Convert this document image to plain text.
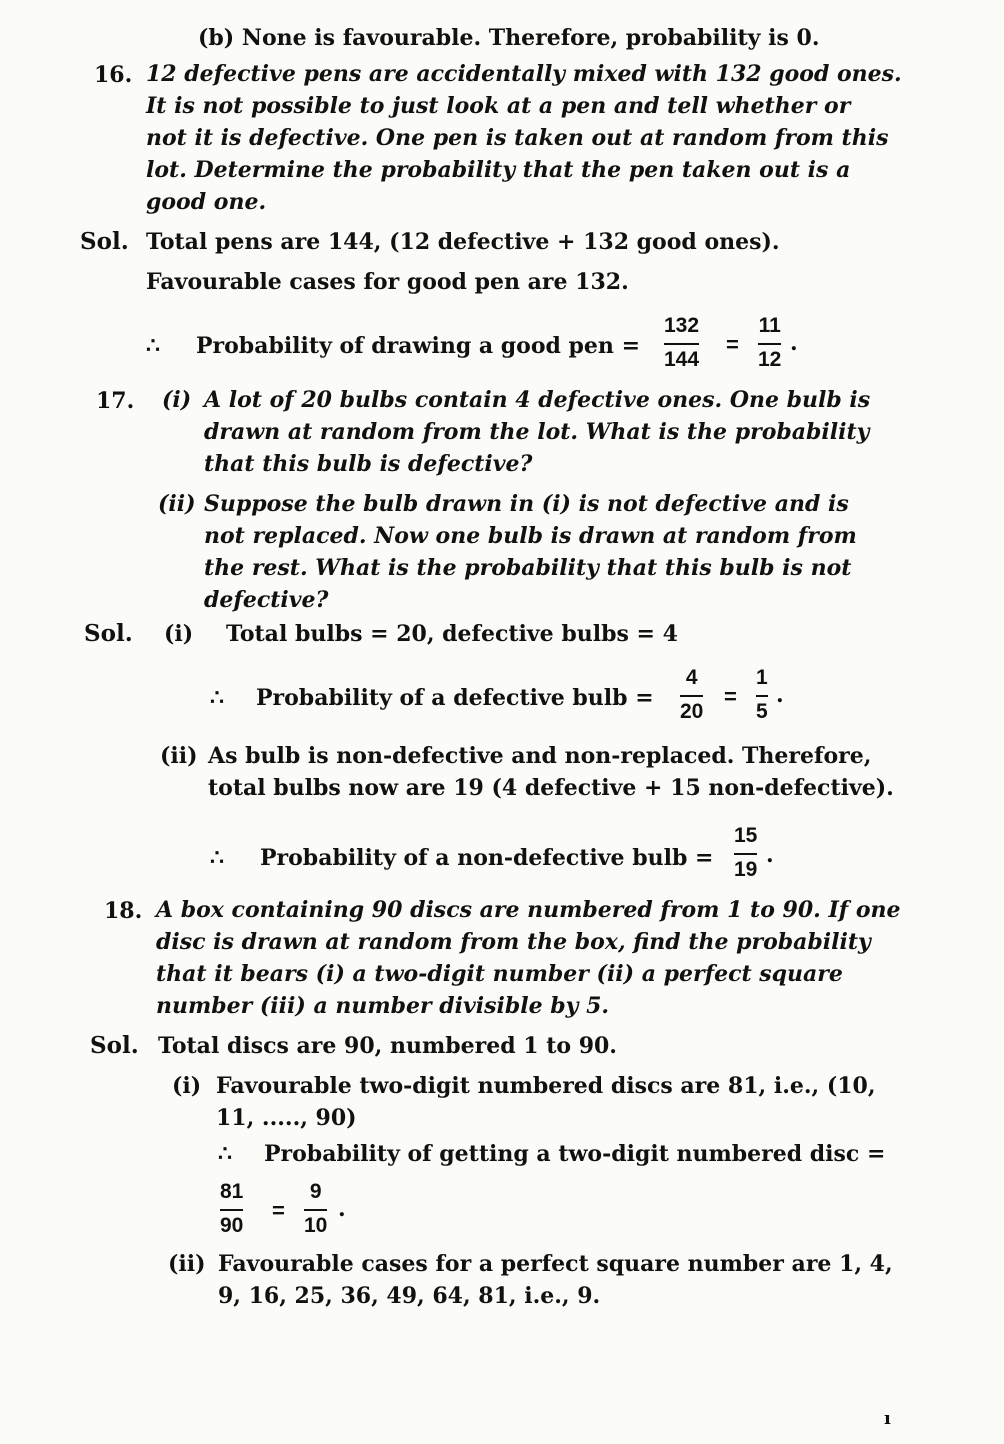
(b) None is favourable. Therefore, probability is 0.
16. 12 defective pens are accidentally mixed with 132 good ones.
It is not possible to just look at a pen and tell whether or
not it is defective. One pen is taken out at random from this
lot. Determine the probability that the pen taken out is a
good one.
Sol. Total pens are 144, (12 defective + 132 good ones).
Favourable cases for good pen are 132.
∴ Probability of drawing a good pen =
132
144
=
11
12
.
17. (i) A lot of 20 bulbs contain 4 defective ones. One bulb is
drawn at random from the lot. What is the probability
that this bulb is defective?
(ii) Suppose the bulb drawn in (i) is not defective and is
not replaced. Now one bulb is drawn at random from
the rest. What is the probability that this bulb is not
defective?
Sol. (i) Total bulbs = 20, defective bulbs = 4
∴ Probability of a defective bulb =
4
20
=
1
5
.
(ii) As bulb is non-defective and non-replaced. Therefore,
total bulbs now are 19 (4 defective + 15 non-defective).
∴ Probability of a non-defective bulb =
15
19
.
18. A box containing 90 discs are numbered from 1 to 90. If one
disc is drawn at random from the box, find the probability
that it bears (i) a two-digit number (ii) a perfect square
number (iii) a number divisible by 5.
Sol. Total discs are 90, numbered 1 to 90.
(i) Favourable two-digit numbered discs are 81, i.e., (10,
11, ....., 90)
∴ Probability of getting a two-digit numbered disc =
81
90
=
9
10
.
(ii) Favourable cases for a perfect square number are 1, 4,
9, 16, 25, 36, 49, 64, 81, i.e., 9.
ı
